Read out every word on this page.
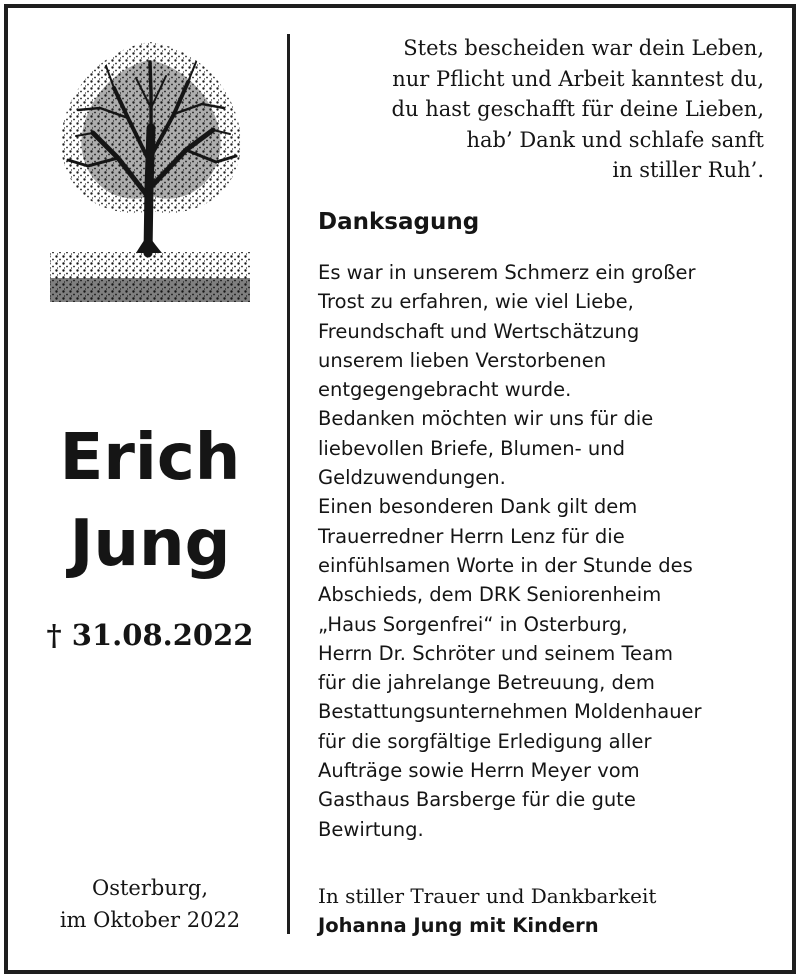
Erich
Jung
† 31.08.2022
Osterburg,
im Oktober 2022
Stets bescheiden war dein Leben,
nur Pflicht und Arbeit kanntest du,
du hast geschafft für deine Lieben,
hab’ Dank und schlafe sanft
in stiller Ruh’.
Danksagung
Es war in unserem Schmerz ein großer
Trost zu erfahren, wie viel Liebe,
Freundschaft und Wertschätzung
unserem lieben Verstorbenen
entgegengebracht wurde.
Bedanken möchten wir uns für die
liebevollen Briefe, Blumen- und
Geldzuwendungen.
Einen besonderen Dank gilt dem
Trauerredner Herrn Lenz für die
einfühlsamen Worte in der Stunde des
Abschieds, dem DRK Seniorenheim
„Haus Sorgenfrei“ in Osterburg,
Herrn Dr. Schröter und seinem Team
für die jahrelange Betreuung, dem
Bestattungsunternehmen Moldenhauer
für die sorgfältige Erledigung aller
Aufträge sowie Herrn Meyer vom
Gasthaus Barsberge für die gute
Bewirtung.
In stiller Trauer und Dankbarkeit
Johanna Jung mit Kindern
